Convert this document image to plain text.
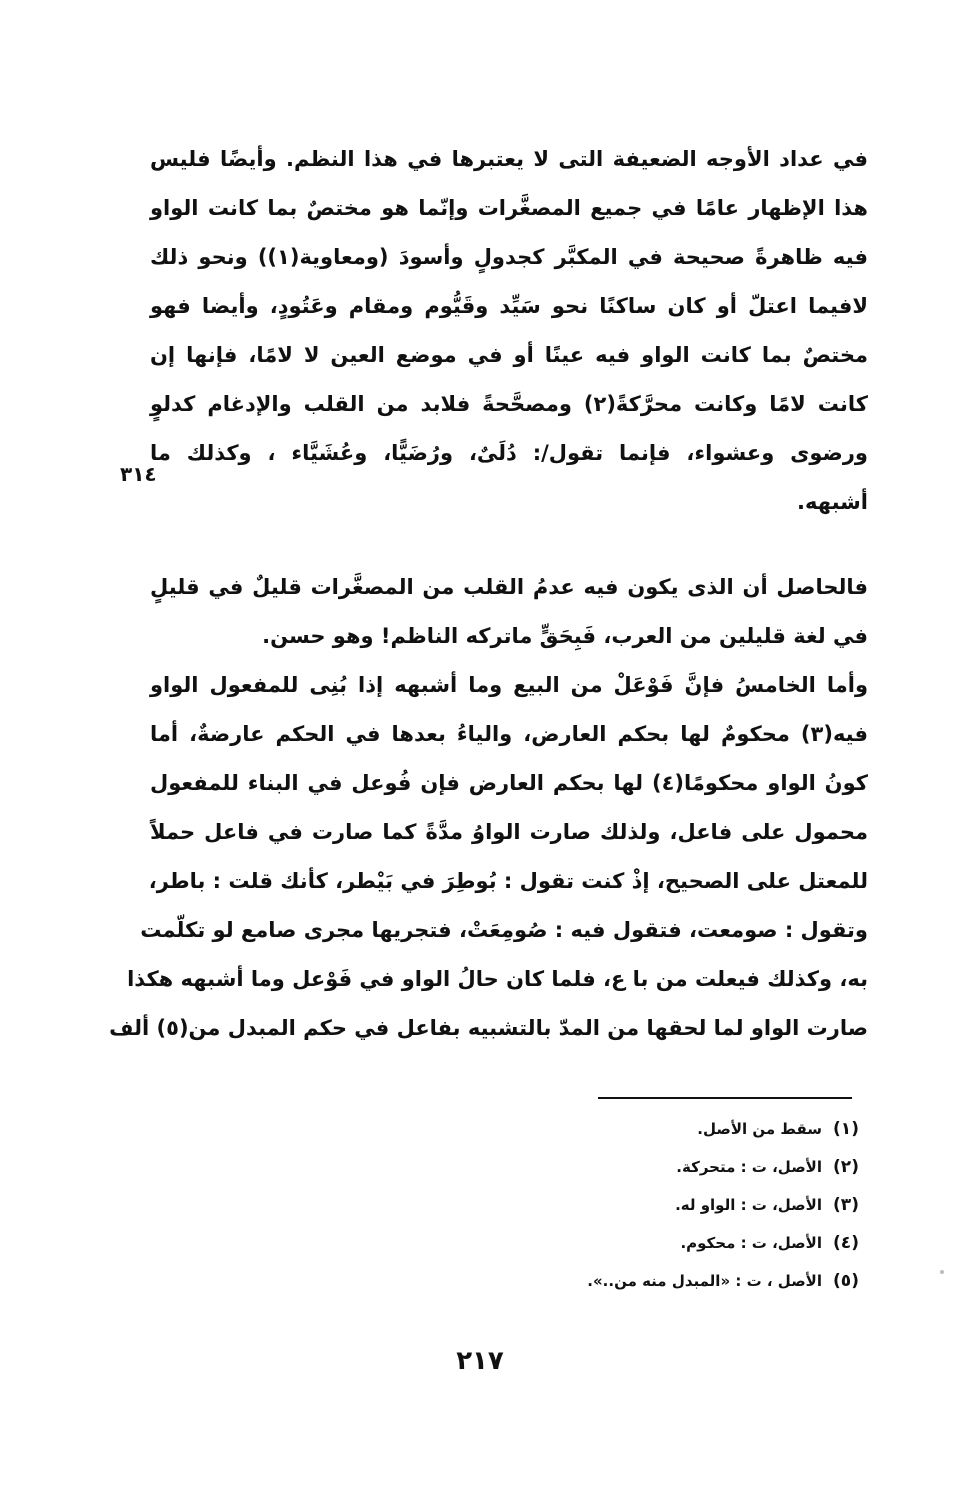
في عداد الأوجه الضعيفة التى لا يعتبرها في هذا النظم. وأيضًا فليس
هذا الإظهار عامًا في جميع المصغَّرات وإنّما هو مختصٌ بما كانت الواو
فيه ظاهرةً صحيحة في المكبَّر كجدولٍ وأسودَ (ومعاوية(١)) ونحو ذلك
لافيما اعتلّ أو كان ساكنًا نحو سَيِّد وقَيُّوم ومقام وعَتُودٍ، وأيضا فهو
مختصٌ بما كانت الواو فيه عينًا أو في موضع العين لا لامًا، فإنها إن
كانت لامًا وكانت محرَّكةً(٢) ومصحَّحةً فلابد من القلب والإدغام كدلوٍ
ورضوى وعشواء، فإنما تقول/: دُلَىٌ، ورُضَيًّا، وعُشَيَّاء ، وكذلك ما
أشبهه.
٣١٤
فالحاصل أن الذى يكون فيه عدمُ القلب من المصغَّرات قليلٌ في قليلٍ
في لغة قليلين من العرب، فَبِحَقٍّ ماتركه الناظم! وهو حسن.
وأما الخامسُ فإنَّ فَوْعَلْ من البيع وما أشبهه إذا بُنِى للمفعول الواو
فيه(٣) محكومٌ لها بحكم العارض، والياءُ بعدها في الحكم عارضةٌ، أما
كونُ الواو محكومًا(٤) لها بحكم العارض فإن فُوعل في البناء للمفعول
محمول على فاعل، ولذلك صارت الواوُ مدَّةً كما صارت في فاعل حملاً
للمعتل على الصحيح، إذْ كنت تقول : بُوطِرَ في بَيْطر، كأنك قلت : باطر،
وتقول : صومعت، فتقول فيه : صُومِعَتْ، فتجريها مجرى صامع لو تكلّمت
به، وكذلك فيعلت من با ع، فلما كان حالُ الواو في فَوْعل وما أشبهه هكذا
صارت الواو لما لحقها من المدّ بالتشبيه بفاعل في حكم المبدل من(٥) ألف
(١)
سقط من الأصل.
(٢)
الأصل، ت : متحركة.
(٣)
الأصل، ت : الواو له.
(٤)
الأصل، ت : محكوم.
(٥)
الأصل ، ت : «المبدل منه من..».
٢١٧
